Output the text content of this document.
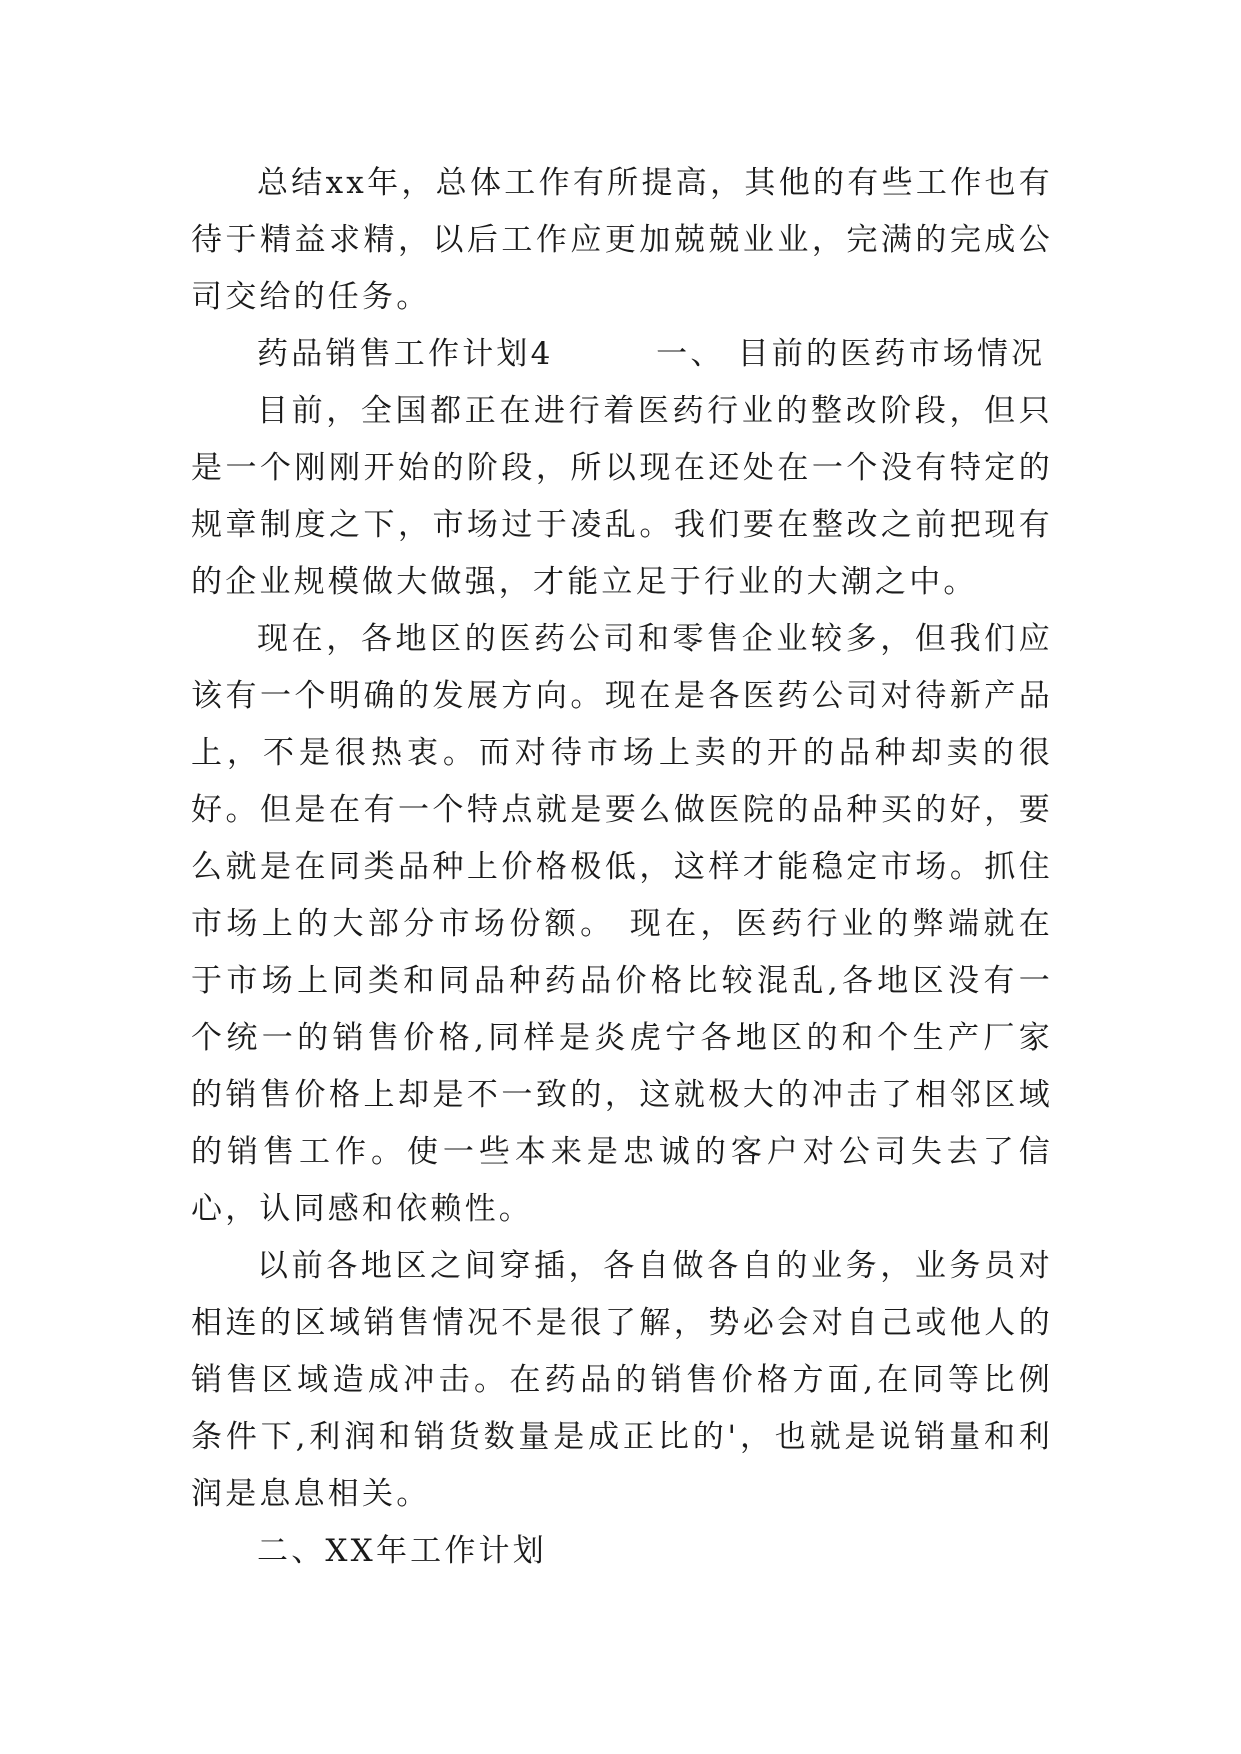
总结xx年，总体工作有所提高，其他的有些工作也有待于精益求精，以后工作应更加兢兢业业，完满的完成公司交给的任务。

药品销售工作计划4　　　一、 目前的医药市场情况

目前，全国都正在进行着医药行业的整改阶段，但只是一个刚刚开始的阶段，所以现在还处在一个没有特定的规章制度之下，市场过于凌乱。我们要在整改之前把现有的企业规模做大做强，才能立足于行业的大潮之中。

现在，各地区的医药公司和零售企业较多，但我们应该有一个明确的发展方向。现在是各医药公司对待新产品上，不是很热衷。而对待市场上卖的开的品种却卖的很好。但是在有一个特点就是要么做医院的品种买的好，要么就是在同类品种上价格极低，这样才能稳定市场。抓住市场上的大部分市场份额。 现在，医药行业的弊端就在于市场上同类和同品种药品价格比较混乱,各地区没有一个统一的销售价格,同样是炎虎宁各地区的和个生产厂家的销售价格上却是不一致的，这就极大的冲击了相邻区域的销售工作。使一些本来是忠诚的客户对公司失去了信心，认同感和依赖性。

以前各地区之间穿插，各自做各自的业务，业务员对相连的区域销售情况不是很了解，势必会对自己或他人的销售区域造成冲击。在药品的销售价格方面,在同等比例条件下,利润和销货数量是成正比的'，也就是说销量和利润是息息相关。

二、XX年工作计划
